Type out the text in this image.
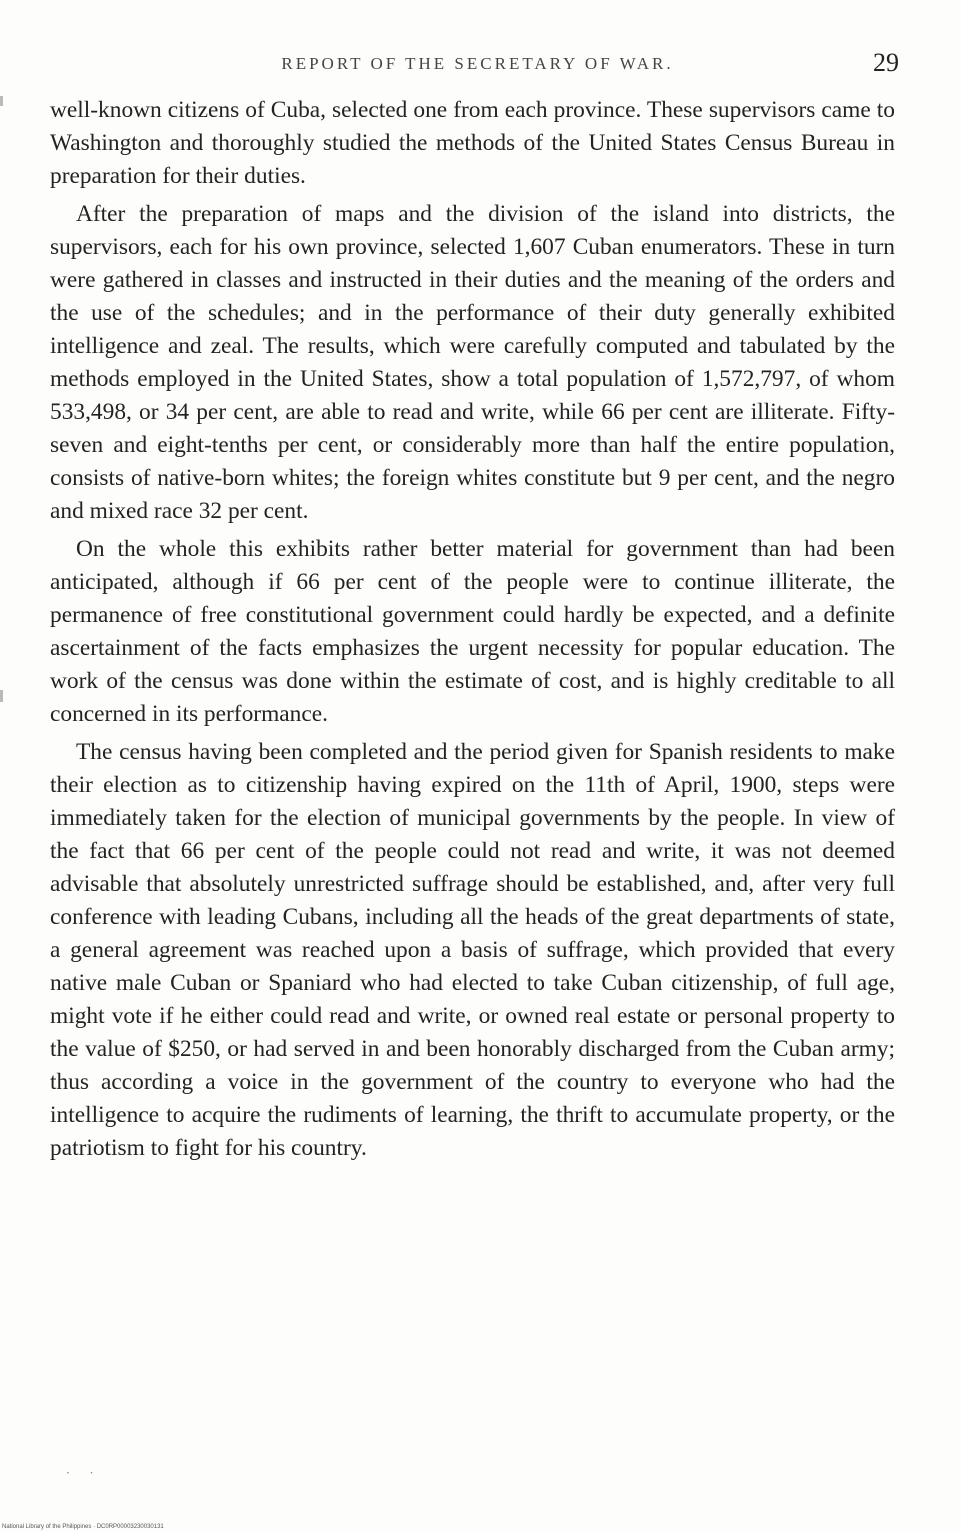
REPORT OF THE SECRETARY OF WAR.	29

well-known citizens of Cuba, selected one from each province. These supervisors came to Washington and thoroughly studied the methods of the United States Census Bureau in preparation for their duties.

After the preparation of maps and the division of the island into districts, the supervisors, each for his own province, selected 1,607 Cuban enumerators. These in turn were gathered in classes and instructed in their duties and the meaning of the orders and the use of the schedules; and in the performance of their duty generally exhibited intelligence and zeal. The results, which were carefully computed and tabulated by the methods employed in the United States, show a total population of 1,572,797, of whom 533,498, or 34 per cent, are able to read and write, while 66 per cent are illiterate. Fifty-seven and eight-tenths per cent, or considerably more than half the entire population, consists of native-born whites; the foreign whites constitute but 9 per cent, and the negro and mixed race 32 per cent.

On the whole this exhibits rather better material for government than had been anticipated, although if 66 per cent of the people were to continue illiterate, the permanence of free constitutional government could hardly be expected, and a definite ascertainment of the facts emphasizes the urgent necessity for popular education. The work of the census was done within the estimate of cost, and is highly creditable to all concerned in its performance.

The census having been completed and the period given for Spanish residents to make their election as to citizenship having expired on the 11th of April, 1900, steps were immediately taken for the election of municipal governments by the people. In view of the fact that 66 per cent of the people could not read and write, it was not deemed advisable that absolutely unrestricted suffrage should be established, and, after very full conference with leading Cubans, including all the heads of the great departments of state, a general agreement was reached upon a basis of suffrage, which provided that every native male Cuban or Spaniard who had elected to take Cuban citizenship, of full age, might vote if he either could read and write, or owned real estate or personal property to the value of $250, or had served in and been honorably discharged from the Cuban army; thus according a voice in the government of the country to everyone who had the intelligence to acquire the rudiments of learning, the thrift to accumulate property, or the patriotism to fight for his country.

· ·
National Library of the Philippines · DC0RP00003230030131
